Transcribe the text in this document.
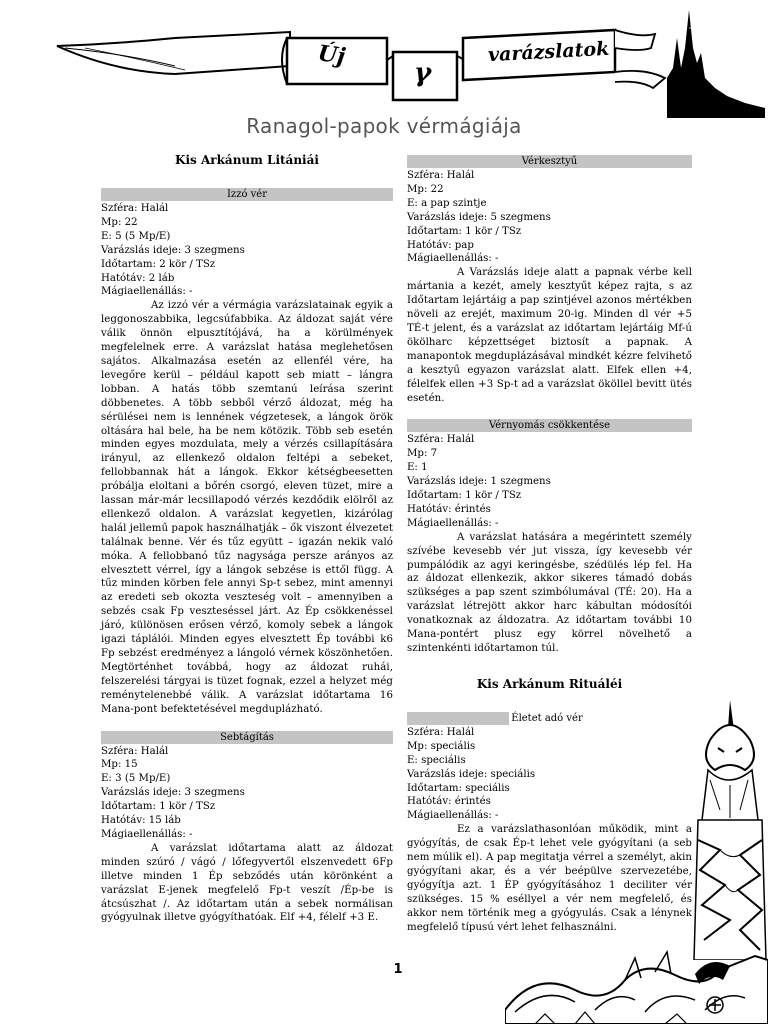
Új
γ
varázslatok
Ranagol-papok vérmágiája
Kis Arkánum Litániái
Izzó vér
Szféra: Halál
Mp: 22
E: 5 (5 Mp/E)
Varázslás ideje: 3 szegmens
Időtartam: 2 kör / TSz
Hatótáv: 2 láb
Mágiaellenállás: -

Az izzó vér a vérmágia varázslatainak egyik a leggonoszabbika, legcsúfabbika. Az áldozat saját vére válik önnön elpusztítójává, ha a körülmények megfelelnek erre. A varázslat hatása meglehetősen sajátos. Alkalmazása esetén az ellenfél vére, ha levegőre kerül – például kapott seb miatt – lángra lobban. A hatás több szemtanú leírása szerint döbbenetes. A több sebből vérző áldozat, még ha sérülései nem is lennének végzetesek, a lángok örök oltására hal bele, ha be nem kötözik. Több seb esetén minden egyes mozdulata, mely a vérzés csillapítására irányul, az ellenkező oldalon feltépi a sebeket, fellobbannak hát a lángok. Ekkor kétségbeesetten próbálja eloltani a bőrén csorgó, eleven tüzet, mire a lassan már-már lecsillapodó vérzés kezdődik elölről az ellenkező oldalon. A varázslat kegyetlen, kizárólag halál jellemű papok használhatják – ők viszont élvezetet találnak benne. Vér és tűz együtt – igazán nekik való móka. A fellobbanó tűz nagysága persze arányos az elvesztett vérrel, így a lángok sebzése is ettől függ. A tűz minden körben fele annyi Sp-t sebez, mint amennyi az eredeti seb okozta veszteség volt – amennyiben a sebzés csak Fp veszteséssel járt. Az Ép csökkenéssel járó, különösen erősen vérző, komoly sebek a lángok igazi táplálói. Minden egyes elvesztett Ép további k6 Fp sebzést eredményez a lángoló vérnek köszönhetően. Megtörténhet továbbá, hogy az áldozat ruhái, felszerelési tárgyai is tüzet fognak, ezzel a helyzet még reménytelenebbé válik. A varázslat időtartama 16 Mana-pont befektetésével megduplázható.

Sebtágítás
Szféra: Halál
Mp: 15
E: 3 (5 Mp/E)
Varázslás ideje: 3 szegmens
Időtartam: 1 kör / TSz
Hatótáv: 15 láb
Mágiaellenállás: -

A varázslat időtartama alatt az áldozat minden szúró / vágó / lőfegyvertől elszenvedett 6Fp illetve minden 1 Ép sebződés után körönként a varázslat E-jenek megfelelő Fp-t veszít /Ép-be is átcsúszhat /. Az időtartam után a sebek normálisan gyógyulnak illetve gyógyíthatóak. Elf +4, félelf +3 E.

Vérkesztyű
Szféra: Halál
Mp: 22
E: a pap szintje
Varázslás ideje: 5 szegmens
Időtartam: 1 kör / TSz
Hatótáv: pap
Mágiaellenállás: -

A Varázslás ideje alatt a papnak vérbe kell mártania a kezét, amely kesztyűt képez rajta, s az Időtartam lejártáig a pap szintjével azonos mértékben növeli az erejét, maximum 20-ig. Minden dl vér +5 TÉ-t jelent, és a varázslat az időtartam lejártáig Mf-ú ökölharc képzettséget biztosít a papnak. A manapontok megduplázásával mindkét kézre felvihető a kesztyű egyazon varázslat alatt. Elfek ellen +4, félelfek ellen +3 Sp-t ad a varázslat ököllel bevitt ütés esetén.

Vérnyomás csökkentése
Szféra: Halál
Mp: 7
E: 1
Varázslás ideje: 1 szegmens
Időtartam: 1 kör / TSz
Hatótáv: érintés
Mágiaellenállás: -

A varázslat hatására a megérintett személy szívébe kevesebb vér jut vissza, így kevesebb vér pumpálódik az agyi keringésbe, szédülés lép fel. Ha az áldozat ellenkezik, akkor sikeres támadó dobás szükséges a pap szent szimbólumával (TÉ: 20). Ha a varázslat létrejött akkor harc kábultan módosítói vonatkoznak az áldozatra. Az időtartam további 10 Mana-pontért plusz egy körrel növelhető a szintenkénti időtartamon túl.

Kis Arkánum Rituáléi
Életet adó vér
Szféra: Halál
Mp: speciális
E: speciális
Varázslás ideje: speciális
Időtartam: speciális
Hatótáv: érintés
Mágiaellenállás: -

Ez a varázslathasonlóan működik, mint a gyógyítás, de csak Ép-t lehet vele gyógyítani (a seb nem múlik el). A pap megitatja vérrel a személyt, akin gyógyítani akar, és a vér beépülve szervezetébe, gyógyítja azt. 1 ÉP gyógyításához 1 deciliter vér szükséges. 15 % eséllyel a vér nem megfelelő, és akkor nem történik meg a gyógyulás. Csak a lénynek megfelelő típusú vért lehet felhasználni.

1
